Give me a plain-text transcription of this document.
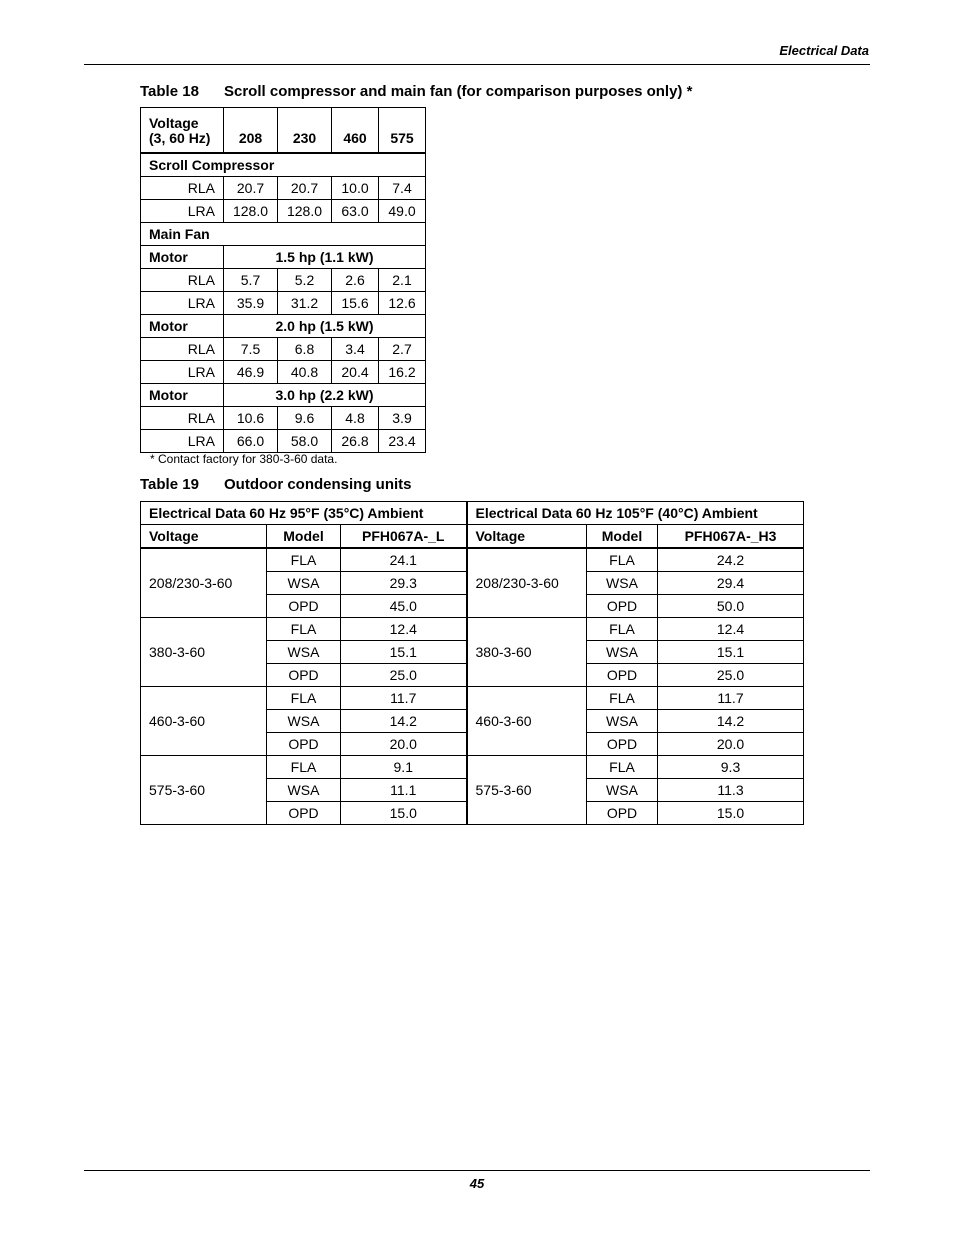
Electrical Data
Table 18 Scroll compressor and main fan (for comparison purposes only) *
Voltage
(3, 60 Hz)	208	230	460	575
Scroll Compressor				
RLA	20.7	20.7	10.0	7.4
LRA	128.0	128.0	63.0	49.0
Main Fan				
Motor	1.5 hp (1.1 kW)			
RLA	5.7	5.2	2.6	2.1
LRA	35.9	31.2	15.6	12.6
Motor	2.0 hp (1.5 kW)			
RLA	7.5	6.8	3.4	2.7
LRA	46.9	40.8	20.4	16.2
Motor	3.0 hp (2.2 kW)			
RLA	10.6	9.6	4.8	3.9
LRA	66.0	58.0	26.8	23.4
* Contact factory for 380-3-60 data.
Table 19 Outdoor condensing units
Electrical Data 60 Hz 95°F (35°C) Ambient			Electrical Data 60 Hz 105°F (40°C) Ambient		
Voltage	Model	PFH067A-_L	Voltage	Model	PFH067A-_H3
208/230-3-60	FLA	24.1	208/230-3-60	FLA	24.2
	WSA	29.3		WSA	29.4
	OPD	45.0		OPD	50.0
380-3-60	FLA	12.4	380-3-60	FLA	12.4
	WSA	15.1		WSA	15.1
	OPD	25.0		OPD	25.0
460-3-60	FLA	11.7	460-3-60	FLA	11.7
	WSA	14.2		WSA	14.2
	OPD	20.0		OPD	20.0
575-3-60	FLA	9.1	575-3-60	FLA	9.3
	WSA	11.1		WSA	11.3
	OPD	15.0		OPD	15.0
45
